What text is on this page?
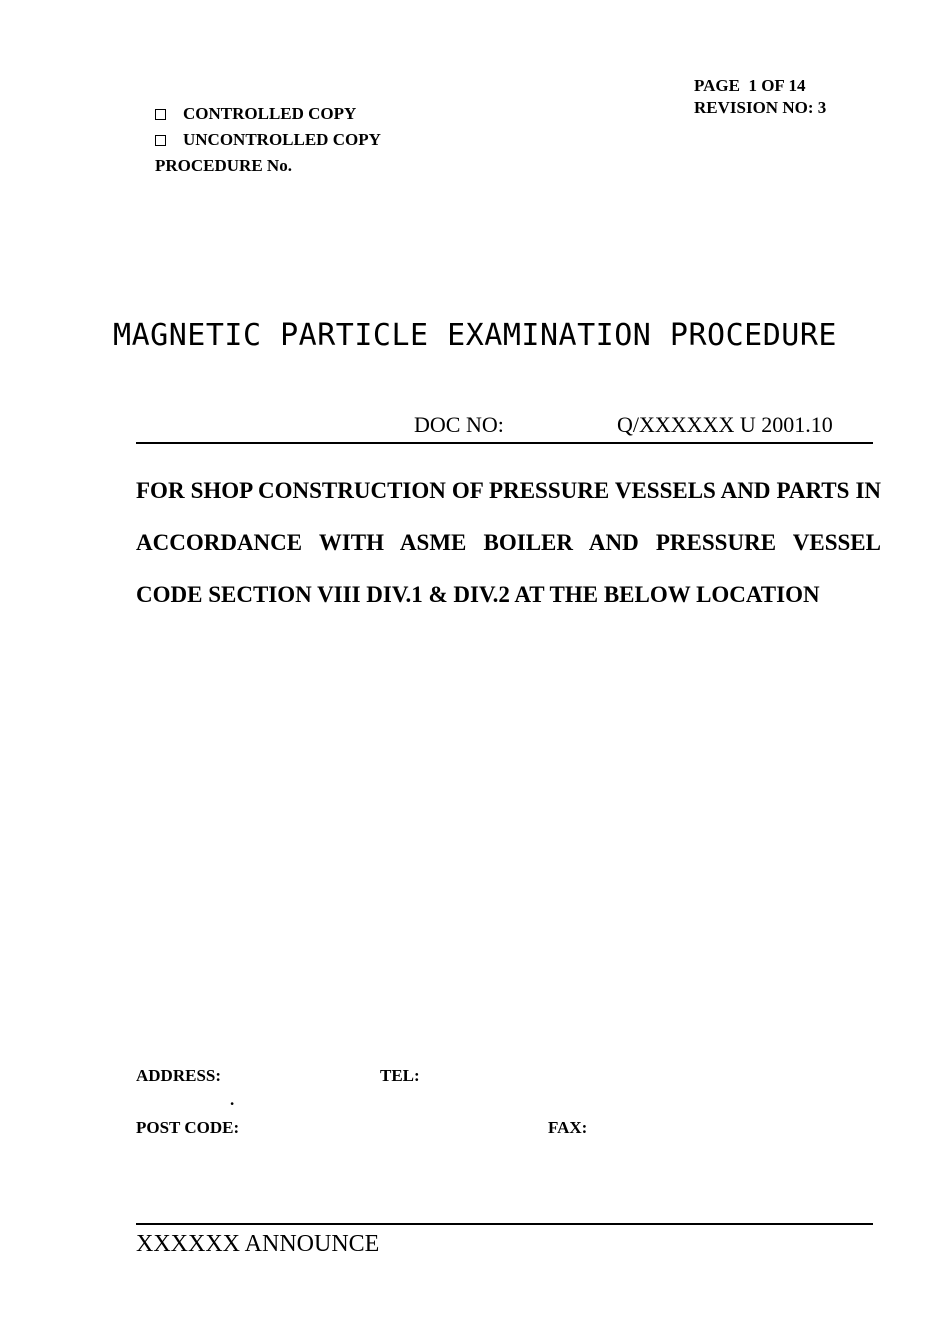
CONTROLLED COPY
UNCONTROLLED COPY
PROCEDURE No.
PAGE  1 OF 14
REVISION NO: 3
MAGNETIC PARTICLE EXAMINATION PROCEDURE
DOC NO:	Q/XXXXXX U 2001.10
FOR SHOP CONSTRUCTION OF PRESSURE VESSELS AND PARTS IN ACCORDANCE WITH ASME BOILER AND PRESSURE VESSEL CODE SECTION VIII DIV.1 & DIV.2 AT THE BELOW LOCATION
ADDRESS:	TEL:
.
POST CODE:	FAX:
XXXXXX ANNOUNCE
